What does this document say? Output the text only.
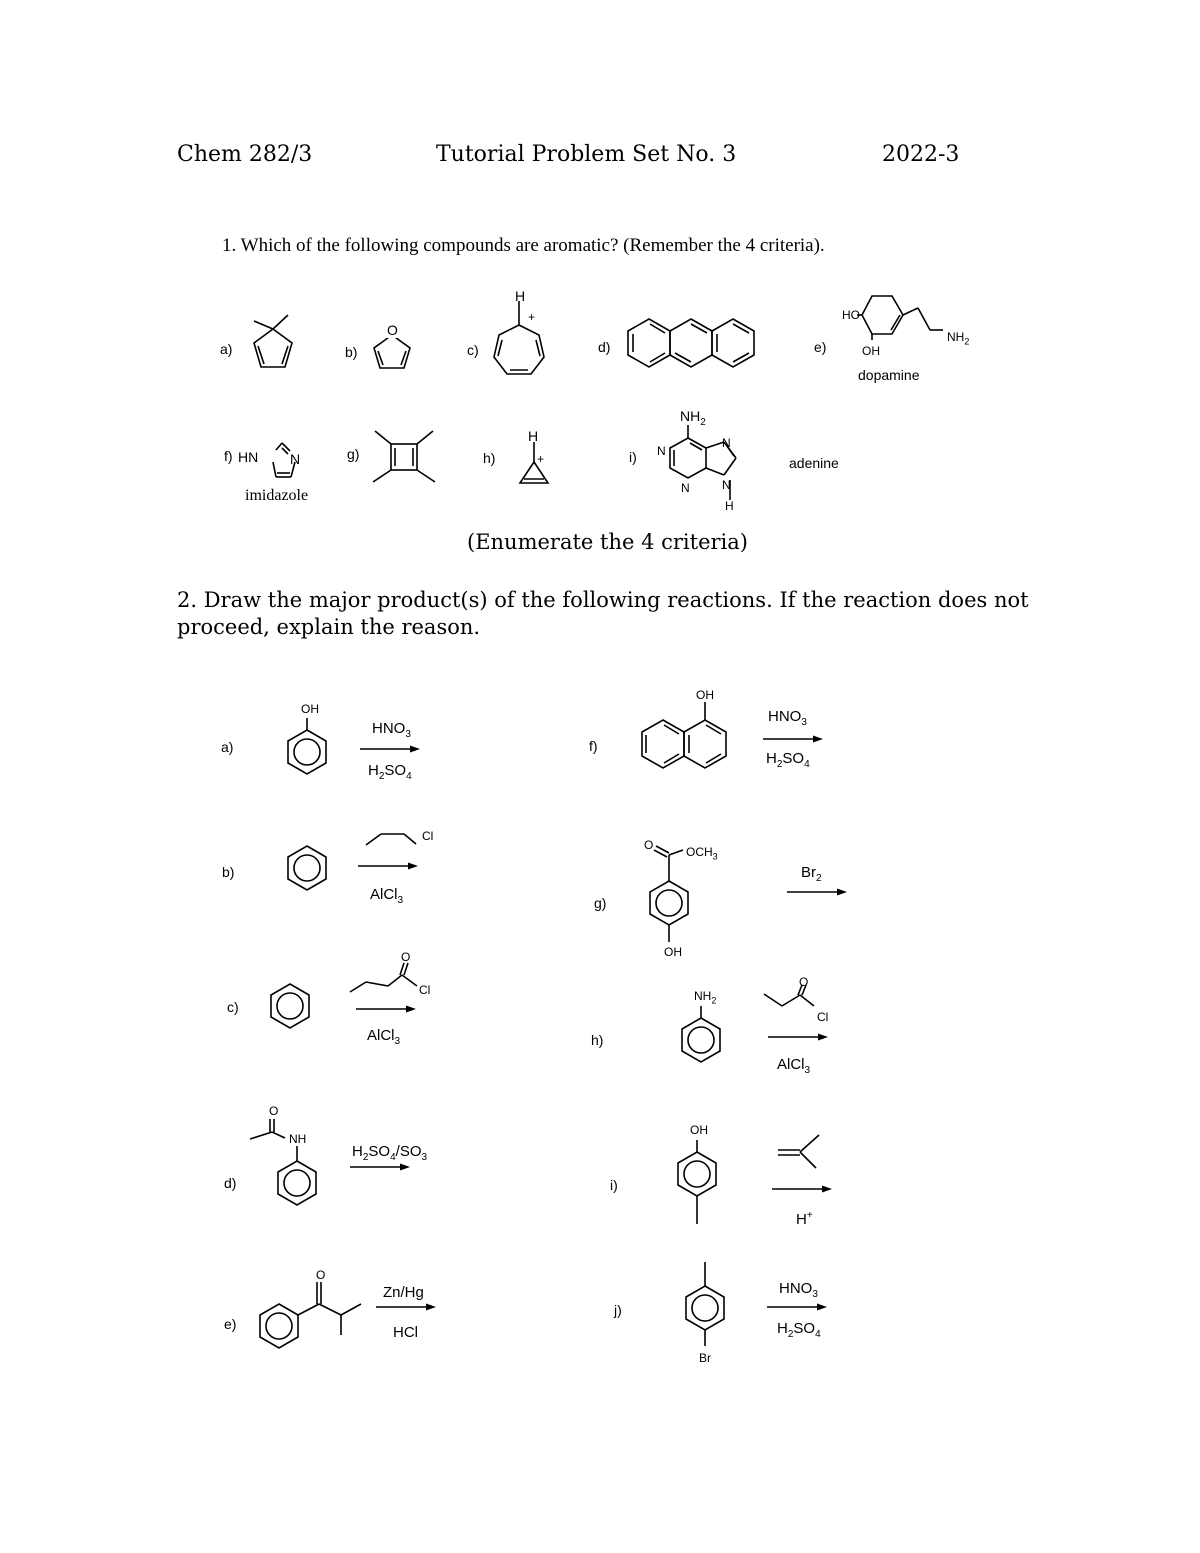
Chem 282/3	Tutorial Problem Set No. 3	2022-3
1. Which of the following compounds are aromatic? (Remember the 4 criteria).
a)	b)	c)	d)	e)
O
H
+	HO
OH
$NH_2$
dopamine
f)	g)	h)	i)
HN N
imidazole
H
+
$NH_2$
N
N
N
N
H
adenine
(Enumerate the 4 criteria)
2. Draw the major product(s) of the following reactions. If the reaction does not
proceed, explain the reason.
a)
OH
$HNO_3$
$H_2SO_4$
b)
Cl
AlCl$_3$
c)
O
Cl
AlCl$_3$
d)
O
NH
$H_2SO_4/SO_3$
e)
O
Zn/Hg
HCl
f)
OH
$HNO_3$
$H_2SO_4$
g)
O	$OCH_3$
OH
$Br_2$
h)
$NH_2$
O
Cl
AlCl$_3$
i)
OH
H+
j)
Br
$HNO_3$
$H_2SO_4$
